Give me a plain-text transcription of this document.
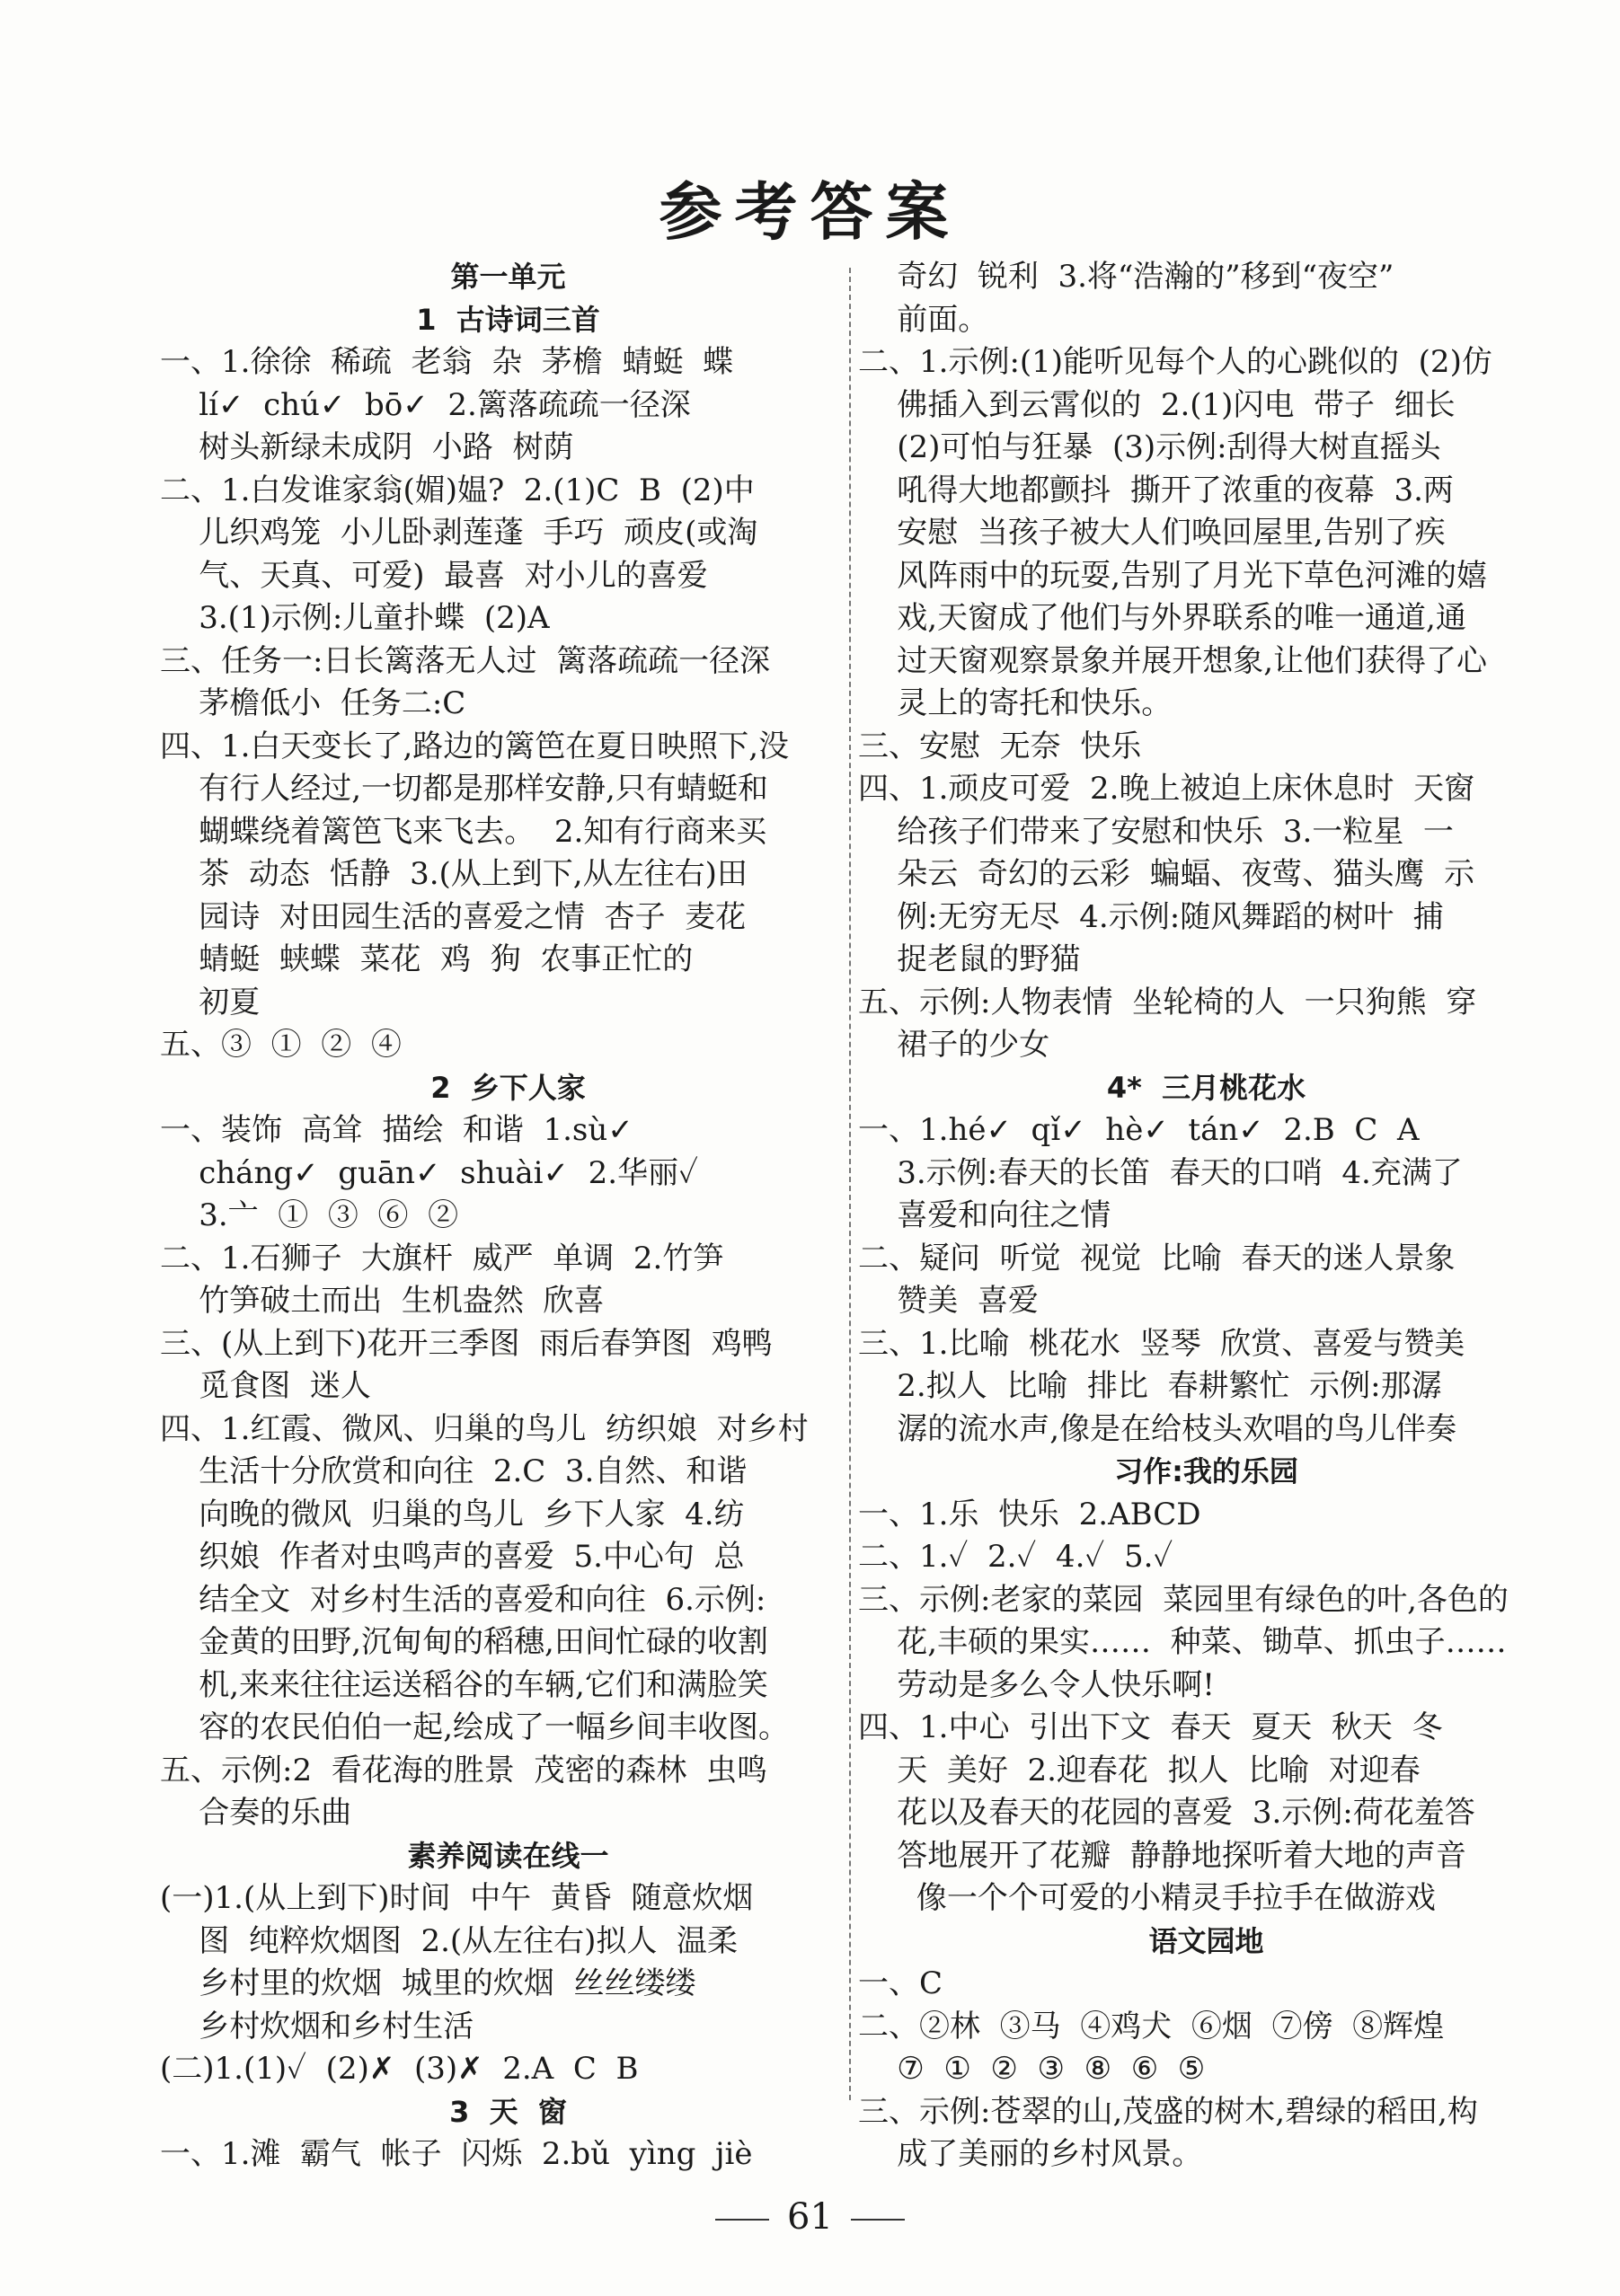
参考答案
第一单元
1  古诗词三首
一、1.徐徐  稀疏  老翁  杂  茅檐  蜻蜓  蝶
lí✓  chú✓  bō✓  2.篱落疏疏一径深
树头新绿未成阴  小路  树荫
二、1.白发谁家翁(媚)媪?  2.(1)C  B  (2)中
儿织鸡笼  小儿卧剥莲蓬  手巧  顽皮(或淘
气、天真、可爱)  最喜  对小儿的喜爱
3.(1)示例:儿童扑蝶  (2)A
三、任务一:日长篱落无人过  篱落疏疏一径深
茅檐低小  任务二:C
四、1.白天变长了,路边的篱笆在夏日映照下,没
有行人经过,一切都是那样安静,只有蜻蜓和
蝴蝶绕着篱笆飞来飞去。  2.知有行商来买
茶  动态  恬静  3.(从上到下,从左往右)田
园诗  对田园生活的喜爱之情  杏子  麦花
蜻蜓  蛱蝶  菜花  鸡  狗  农事正忙的
初夏
五、③  ①  ②  ④
2  乡下人家
一、装饰  高耸  描绘  和谐  1.sù✓
cháng✓  guān✓  shuài✓  2.华丽✓
3.亠  ①  ③  ⑥  ②
二、1.石狮子  大旗杆  威严  单调  2.竹笋
竹笋破土而出  生机盎然  欣喜
三、(从上到下)花开三季图  雨后春笋图  鸡鸭
觅食图  迷人
四、1.红霞、微风、归巢的鸟儿  纺织娘  对乡村
生活十分欣赏和向往  2.C  3.自然、和谐
向晚的微风  归巢的鸟儿  乡下人家  4.纺
织娘  作者对虫鸣声的喜爱  5.中心句  总
结全文  对乡村生活的喜爱和向往  6.示例:
金黄的田野,沉甸甸的稻穗,田间忙碌的收割
机,来来往往运送稻谷的车辆,它们和满脸笑
容的农民伯伯一起,绘成了一幅乡间丰收图。
五、示例:2  看花海的胜景  茂密的森林  虫鸣
合奏的乐曲
素养阅读在线一
(一)1.(从上到下)时间  中午  黄昏  随意炊烟
图  纯粹炊烟图  2.(从左往右)拟人  温柔
乡村里的炊烟  城里的炊烟  丝丝缕缕
乡村炊烟和乡村生活
(二)1.(1)✓  (2)✗  (3)✗  2.A  C  B
3  天  窗
一、1.滩  霸气  帐子  闪烁  2.bǔ  yìng  jiè
奇幻  锐利  3.将“浩瀚的”移到“夜空”
前面。
二、1.示例:(1)能听见每个人的心跳似的  (2)仿
佛插入到云霄似的  2.(1)闪电  带子  细长
(2)可怕与狂暴  (3)示例:刮得大树直摇头
吼得大地都颤抖  撕开了浓重的夜幕  3.两
安慰  当孩子被大人们唤回屋里,告别了疾
风阵雨中的玩耍,告别了月光下草色河滩的嬉
戏,天窗成了他们与外界联系的唯一通道,通
过天窗观察景象并展开想象,让他们获得了心
灵上的寄托和快乐。
三、安慰  无奈  快乐
四、1.顽皮可爱  2.晚上被迫上床休息时  天窗
给孩子们带来了安慰和快乐  3.一粒星  一
朵云  奇幻的云彩  蝙蝠、夜莺、猫头鹰  示
例:无穷无尽  4.示例:随风舞蹈的树叶  捕
捉老鼠的野猫
五、示例:人物表情  坐轮椅的人  一只狗熊  穿
裙子的少女
4*  三月桃花水
一、1.hé✓  qǐ✓  hè✓  tán✓  2.B  C  A
3.示例:春天的长笛  春天的口哨  4.充满了
喜爱和向往之情
二、疑问  听觉  视觉  比喻  春天的迷人景象
赞美  喜爱
三、1.比喻  桃花水  竖琴  欣赏、喜爱与赞美
2.拟人  比喻  排比  春耕繁忙  示例:那潺
潺的流水声,像是在给枝头欢唱的鸟儿伴奏
习作:我的乐园
一、1.乐  快乐  2.ABCD
二、1.✓  2.✓  4.✓  5.✓
三、示例:老家的菜园  菜园里有绿色的叶,各色的
花,丰硕的果实……  种菜、锄草、抓虫子……
劳动是多么令人快乐啊!
四、1.中心  引出下文  春天  夏天  秋天  冬
天  美好  2.迎春花  拟人  比喻  对迎春
花以及春天的花园的喜爱  3.示例:荷花羞答
答地展开了花瓣  静静地探听着大地的声音
像一个个可爱的小精灵手拉手在做游戏
语文园地
一、C
二、②林  ③马  ④鸡犬  ⑥烟  ⑦傍  ⑧辉煌
⑦  ①  ②  ③  ⑧  ⑥  ⑤
三、示例:苍翠的山,茂盛的树木,碧绿的稻田,构
成了美丽的乡村风景。
61
